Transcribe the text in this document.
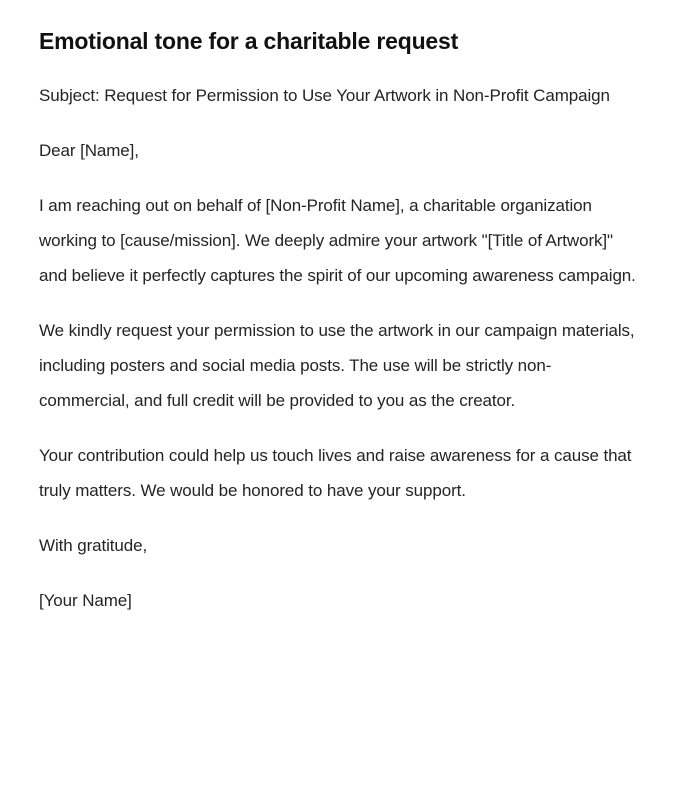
Emotional tone for a charitable request

Subject: Request for Permission to Use Your Artwork in Non-Profit Campaign

Dear [Name],

I am reaching out on behalf of [Non-Profit Name], a charitable organization working to [cause/mission]. We deeply admire your artwork "[Title of Artwork]" and believe it perfectly captures the spirit of our upcoming awareness campaign.

We kindly request your permission to use the artwork in our campaign materials, including posters and social media posts. The use will be strictly non-commercial, and full credit will be provided to you as the creator.

Your contribution could help us touch lives and raise awareness for a cause that truly matters. We would be honored to have your support.

With gratitude,

[Your Name]
